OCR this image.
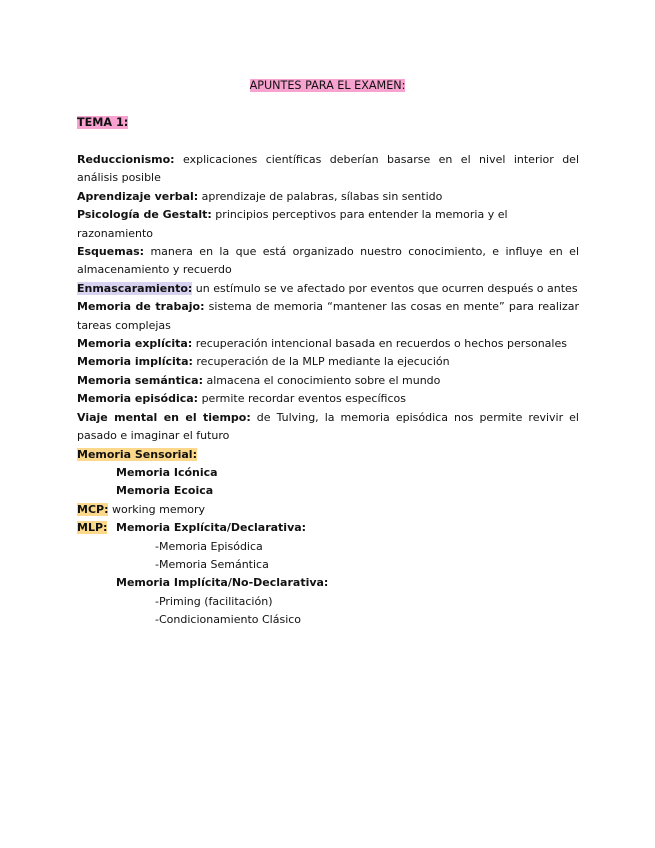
APUNTES PARA EL EXAMEN:
TEMA 1:

Reduccionismo: explicaciones científicas deberían basarse en el nivel interior del análisis posible

Aprendizaje verbal: aprendizaje de palabras, sílabas sin sentido

Psicología de Gestalt: principios perceptivos para entender la memoria y el razonamiento

Esquemas: manera en la que está organizado nuestro conocimiento, e influye en el almacenamiento y recuerdo

Enmascaramiento: un estímulo se ve afectado por eventos que ocurren después o antes

Memoria de trabajo: sistema de memoria “mantener las cosas en mente” para realizar tareas complejas

Memoria explícita: recuperación intencional basada en recuerdos o hechos personales

Memoria implícita: recuperación de la MLP mediante la ejecución

Memoria semántica: almacena el conocimiento sobre el mundo

Memoria episódica: permite recordar eventos específicos

Viaje mental en el tiempo: de Tulving, la memoria episódica nos permite revivir el pasado e imaginar el futuro

Memoria Sensorial:

Memoria Icónica

Memoria Ecoica

MCP: working memory

MLP: Memoria Explícita/Declarativa:

-Memoria Episódica

-Memoria Semántica

Memoria Implícita/No-Declarativa:

-Priming (facilitación)

-Condicionamiento Clásico
